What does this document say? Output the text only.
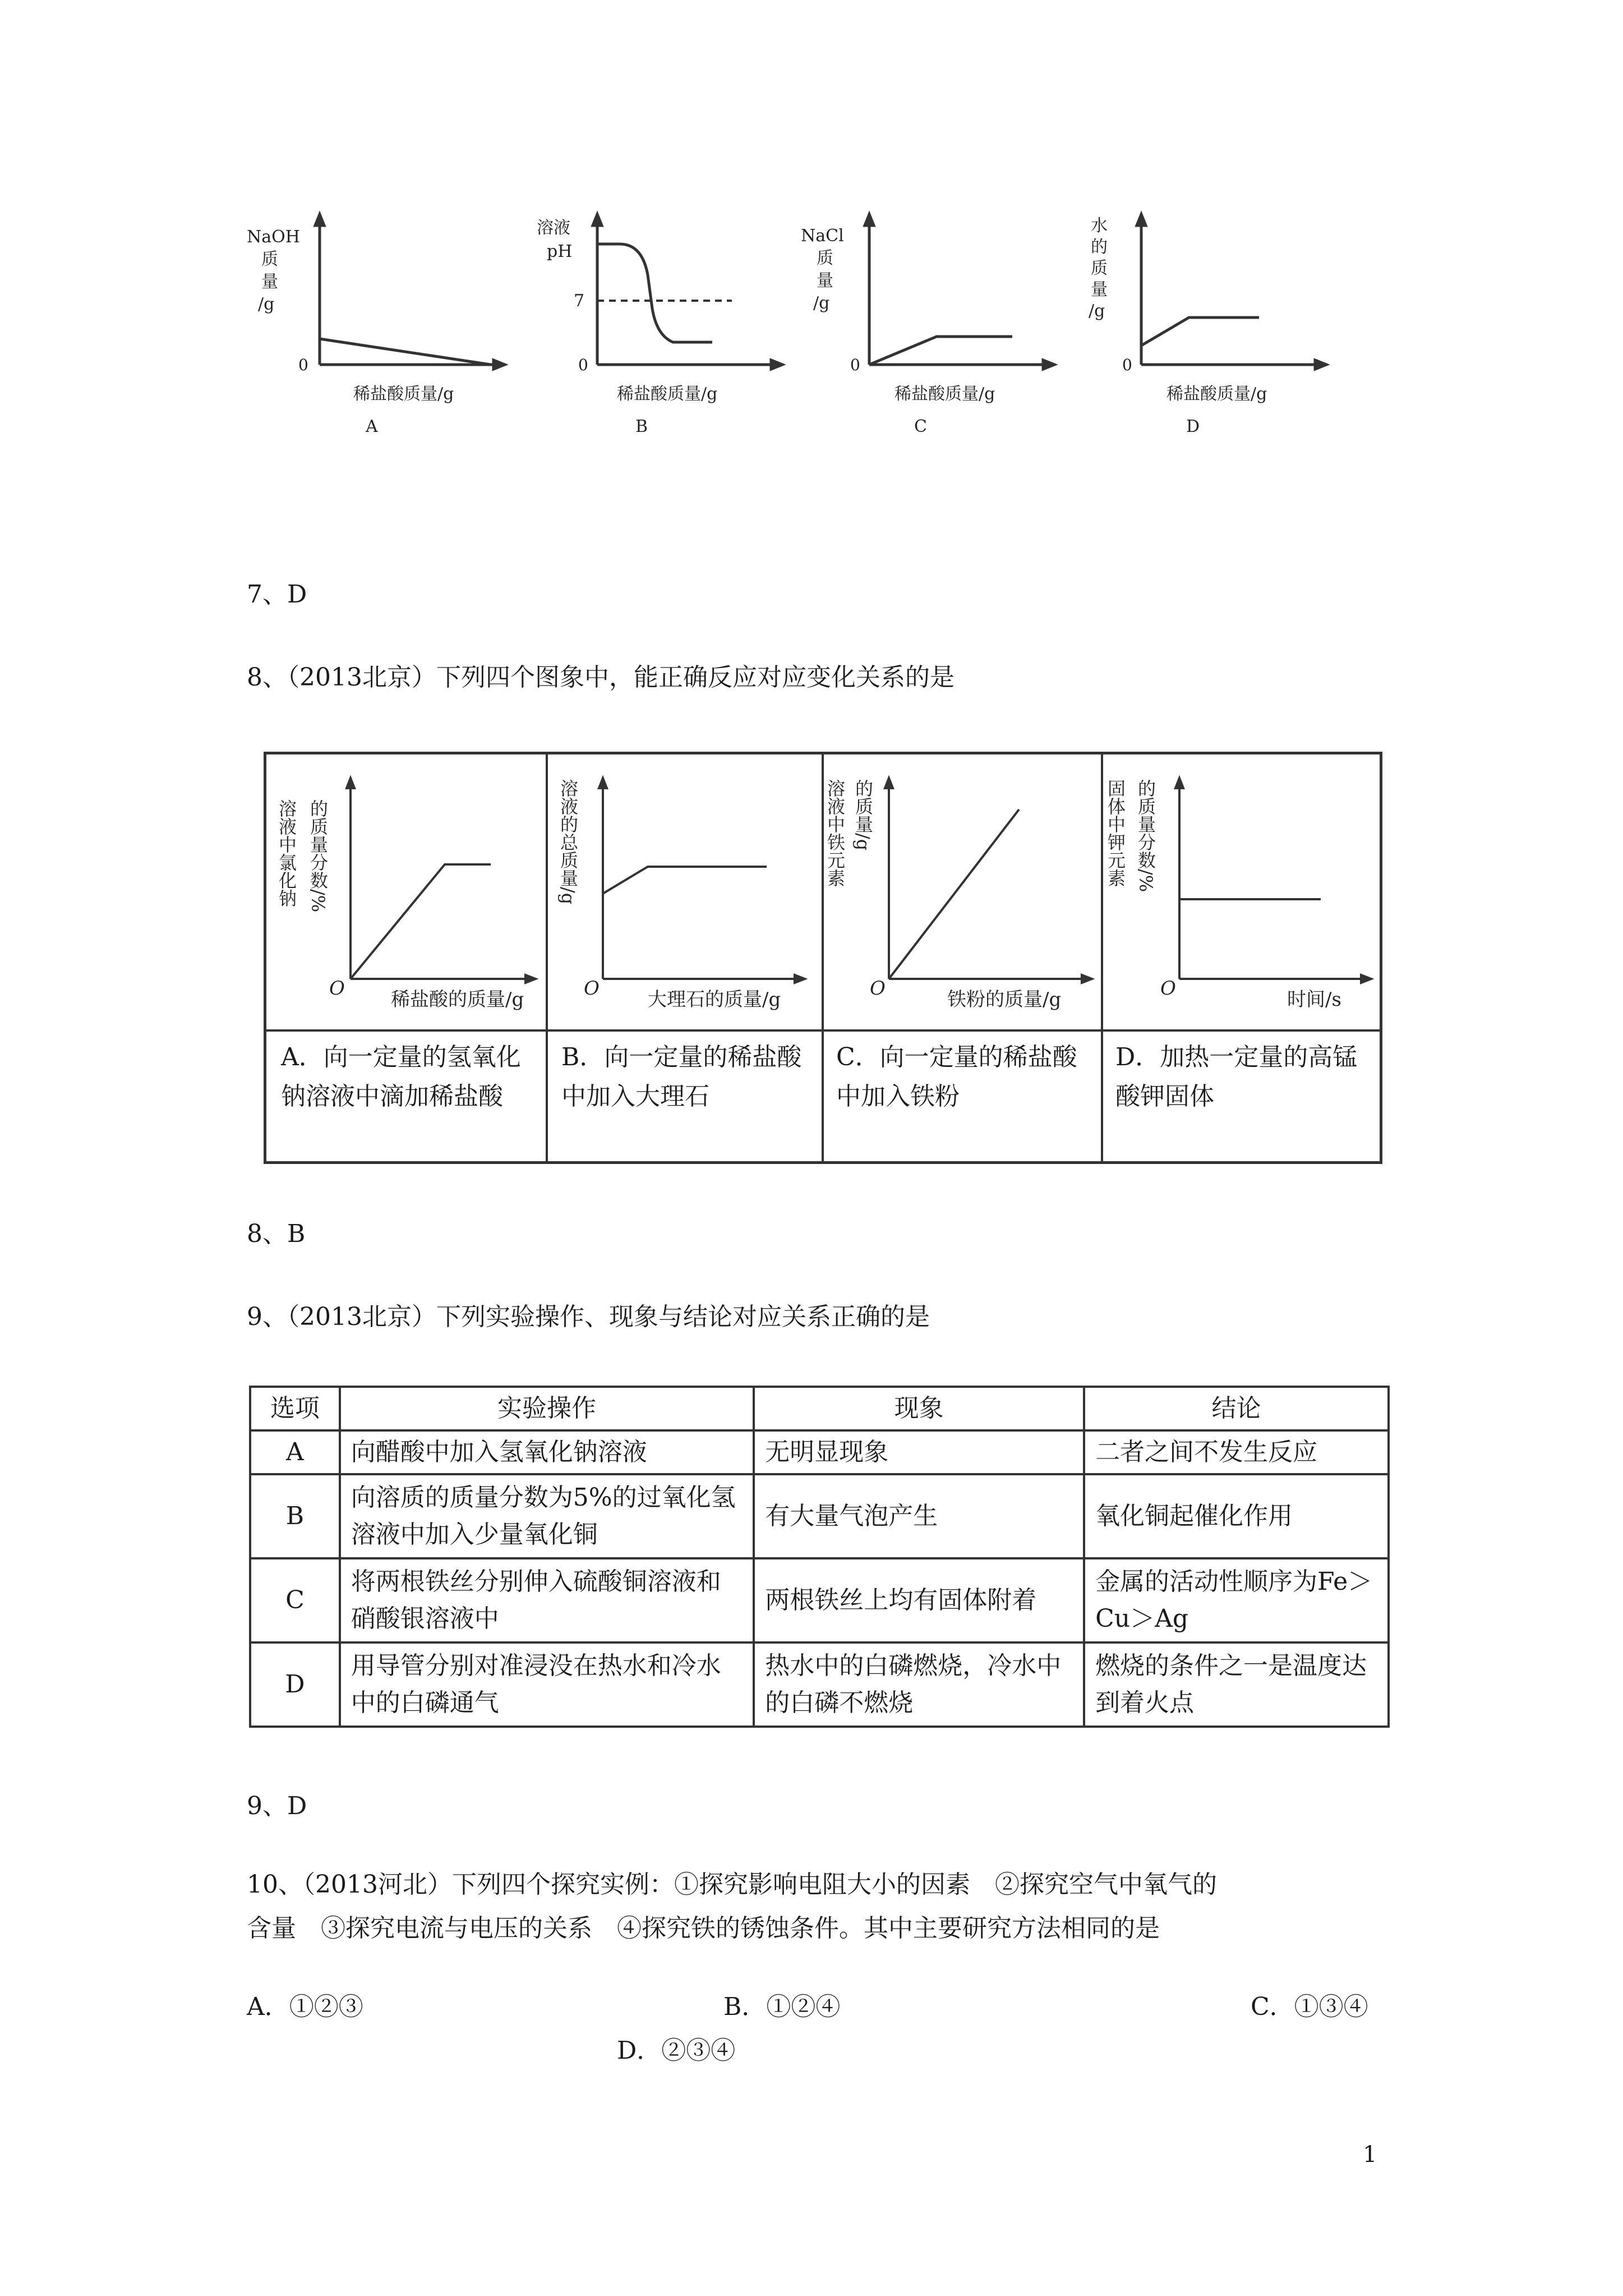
NaOH
质
量
/g
0
稀盐酸质量/g
A
溶液
pH
7
0
稀盐酸质量/g
B
NaCl
质
量
/g
0
稀盐酸质量/g
C
水
的
质
量
/g
0
稀盐酸质量/g
D
7、D
8、（2013北京）下列四个图象中，能正确反应对应变化关系的是
溶液中氯化钠 的质量分数/%
O 稀盐酸的质量/g
A．向一定量的氢氧化钠溶液中滴加稀盐酸
溶液的总质量/g
O	大理石的质量/g
B．向一定量的稀盐酸中加入大理石
溶液中铁元素 的质量/g
O	铁粉的质量/g
C．向一定量的稀盐酸中加入铁粉
固体中钾元素 的质量分数/%
O	时间/s
D．加热一定量的高锰酸钾固体
8、B
9、（2013北京）下列实验操作、现象与结论对应关系正确的是
选项	实验操作	现象	结论
A	向醋酸中加入氢氧化钠溶液	无明显现象	二者之间不发生反应
B	向溶质的质量分数为5%的过氧化氢溶液中加入少量氧化铜	有大量气泡产生	氧化铜起催化作用
C	将两根铁丝分别伸入硫酸铜溶液和硝酸银溶液中	两根铁丝上均有固体附着	金属的活动性顺序为Fe＞Cu＞Ag
D	用导管分别对准浸没在热水和冷水中的白磷通气	热水中的白磷燃烧，冷水中的白磷不燃烧	燃烧的条件之一是温度达到着火点
9、D
10、（2013河北）下列四个探究实例：①探究影响电阻大小的因素　②探究空气中氧气的
含量　③探究电流与电压的关系　④探究铁的锈蚀条件。其中主要研究方法相同的是
A．①②③	B．①②④	C．①③④
D．②③④
1
